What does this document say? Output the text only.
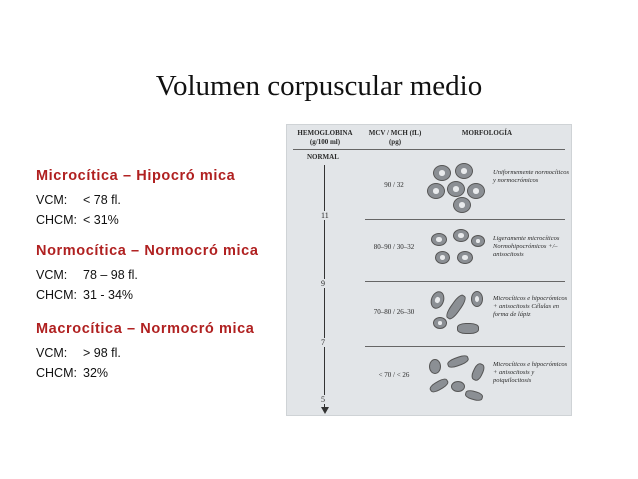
Volumen corpuscular medio
Microcítica – Hipocró mica
VCM: < 78 fl.
CHCM: < 31%
Normocítica – Normocró mica
VCM: 78 – 98 fl.
CHCM: 31 - 34%
Macrocítica – Normocró mica
VCM: > 98 fl.
CHCM: 32%
HEMOGLOBINA (g/100 ml)
MCV / MCH (fL) (pg)
MORFOLOGÍA
NORMAL
11
9
7
5
90 / 32
Uniformemente normocíticos y normocrómicos
80–90 / 30–32
Ligeramente microcíticos Normohipocrómicos +/– anisocitosis
70–80 / 26–30
Microcíticos e hipocrómicos + anisocitosis Células en forma de lápiz
< 70 / < 26
Microcíticos e hipocrómicos + anisocitosis y poiquilocitosis
